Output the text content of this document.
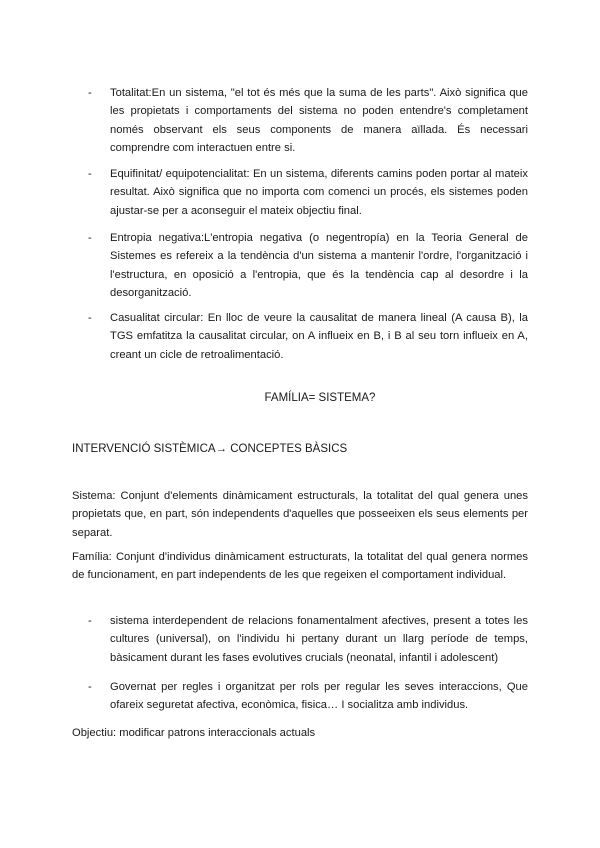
- Totalitat:En un sistema, "el tot és més que la suma de les parts". Això significa que les propietats i comportaments del sistema no poden entendre's completament només observant els seus components de manera aïllada. És necessari comprendre com interactuen entre si.

- Equifinitat/ equipotencialitat: En un sistema, diferents camins poden portar al mateix resultat. Això significa que no importa com comenci un procés, els sistemes poden ajustar-se per a aconseguir el mateix objectiu final.

- Entropia negativa:L'entropia negativa (o negentropía) en la Teoria General de Sistemes es refereix a la tendència d'un sistema a mantenir l'ordre, l'organització i l'estructura, en oposició a l'entropia, que és la tendència cap al desordre i la desorganització.

- Casualitat circular: En lloc de veure la causalitat de manera lineal (A causa B), la TGS emfatitza la causalitat circular, on A influeix en B, i B al seu torn influeix en A, creant un cicle de retroalimentació.

FAMÍLIA= SISTEMA?
INTERVENCIÓ SISTÈMICA→ CONCEPTES BÀSICS

Sistema: Conjunt d'elements dinàmicament estructurals, la totalitat del qual genera unes propietats que, en part, són independents d'aquelles que posseeixen els seus elements per separat.

Família: Conjunt d'individus dinàmicament estructurats, la totalitat del qual genera normes de funcionament, en part independents de les que regeixen el comportament individual.

- sistema interdependent de relacions fonamentalment afectives, present a totes les cultures (universal), on l'individu hi pertany durant un llarg període de temps, bàsicament durant les fases evolutives crucials (neonatal, infantil i adolescent)

- Governat per regles i organitzat per rols per regular les seves interaccions, Que ofareix seguretat afectiva, econòmica, fisica… I socialitza amb individus.

Objectiu: modificar patrons interaccionals actuals
